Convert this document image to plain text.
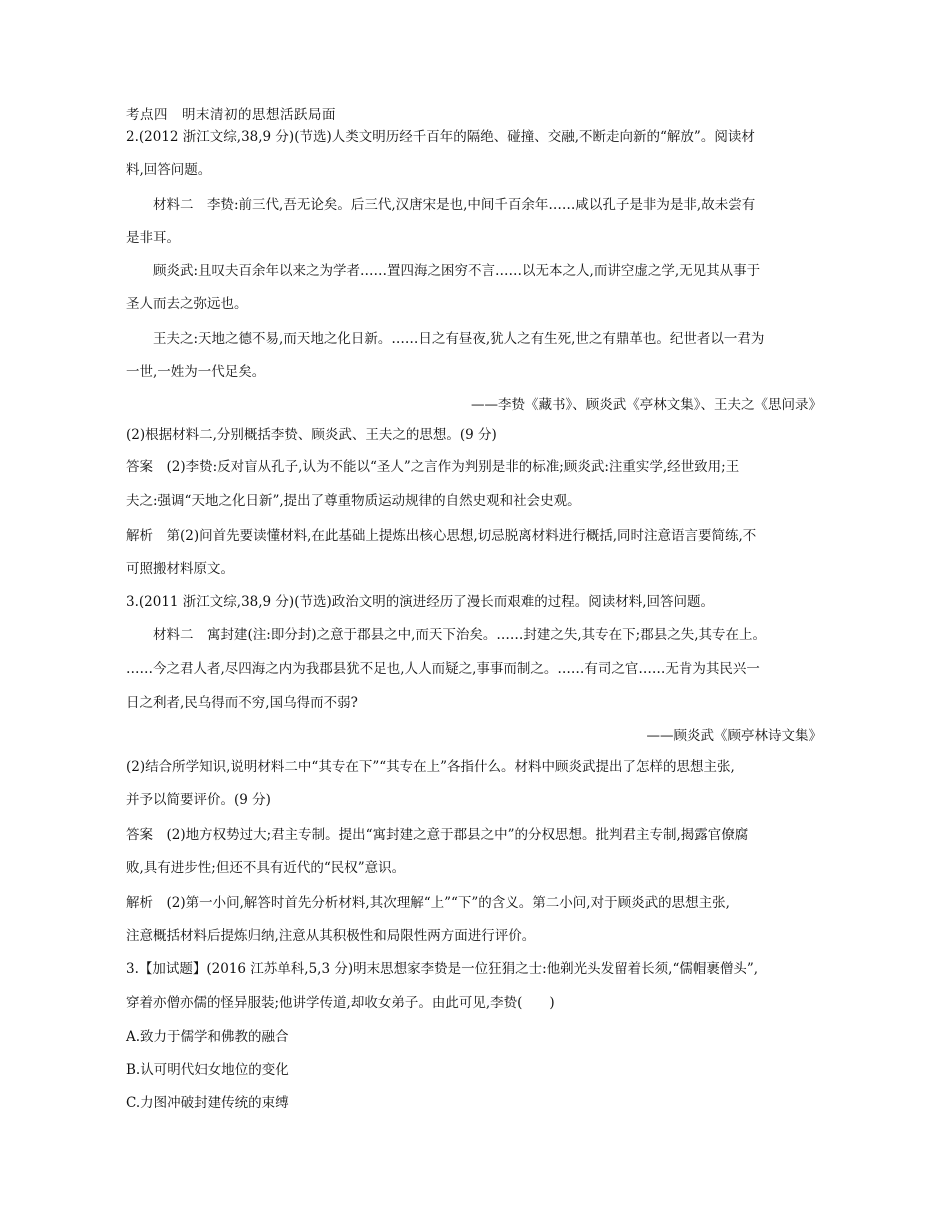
考点四　明末清初的思想活跃局面
2.(2012 浙江文综,38,9 分)(节选)人类文明历经千百年的隔绝、碰撞、交融,不断走向新的“解放”。阅读材
料,回答问题。
材料二　李贽:前三代,吾无论矣。后三代,汉唐宋是也,中间千百余年……咸以孔子是非为是非,故未尝有
是非耳。
顾炎武:且叹夫百余年以来之为学者……置四海之困穷不言……以无本之人,而讲空虚之学,无见其从事于
圣人而去之弥远也。
王夫之:天地之德不易,而天地之化日新。……日之有昼夜,犹人之有生死,世之有鼎革也。纪世者以一君为
一世,一姓为一代足矣。
——李贽《藏书》、顾炎武《亭林文集》、王夫之《思问录》
(2)根据材料二,分别概括李贽、顾炎武、王夫之的思想。(9 分)
答案　(2)李贽:反对盲从孔子,认为不能以“圣人”之言作为判别是非的标准;顾炎武:注重实学,经世致用;王
夫之:强调“天地之化日新”,提出了尊重物质运动规律的自然史观和社会史观。
解析　第(2)问首先要读懂材料,在此基础上提炼出核心思想,切忌脱离材料进行概括,同时注意语言要简练,不
可照搬材料原文。
3.(2011 浙江文综,38,9 分)(节选)政治文明的演进经历了漫长而艰难的过程。阅读材料,回答问题。
材料二　寓封建(注:即分封)之意于郡县之中,而天下治矣。……封建之失,其专在下;郡县之失,其专在上。
……今之君人者,尽四海之内为我郡县犹不足也,人人而疑之,事事而制之。……有司之官……无肯为其民兴一
日之利者,民乌得而不穷,国乌得而不弱?
——顾炎武《顾亭林诗文集》
(2)结合所学知识,说明材料二中“其专在下”“其专在上”各指什么。材料中顾炎武提出了怎样的思想主张,
并予以简要评价。(9 分)
答案　(2)地方权势过大;君主专制。提出“寓封建之意于郡县之中”的分权思想。批判君主专制,揭露官僚腐
败,具有进步性;但还不具有近代的“民权”意识。
解析　(2)第一小问,解答时首先分析材料,其次理解“上”“下”的含义。第二小问,对于顾炎武的思想主张,
注意概括材料后提炼归纳,注意从其积极性和局限性两方面进行评价。
3.【加试题】(2016 江苏单科,5,3 分)明末思想家李贽是一位狂狷之士:他剃光头发留着长须,“儒帽裹僧头”,
穿着亦僧亦儒的怪异服装;他讲学传道,却收女弟子。由此可见,李贽(　　)
A.致力于儒学和佛教的融合
B.认可明代妇女地位的变化
C.力图冲破封建传统的束缚
